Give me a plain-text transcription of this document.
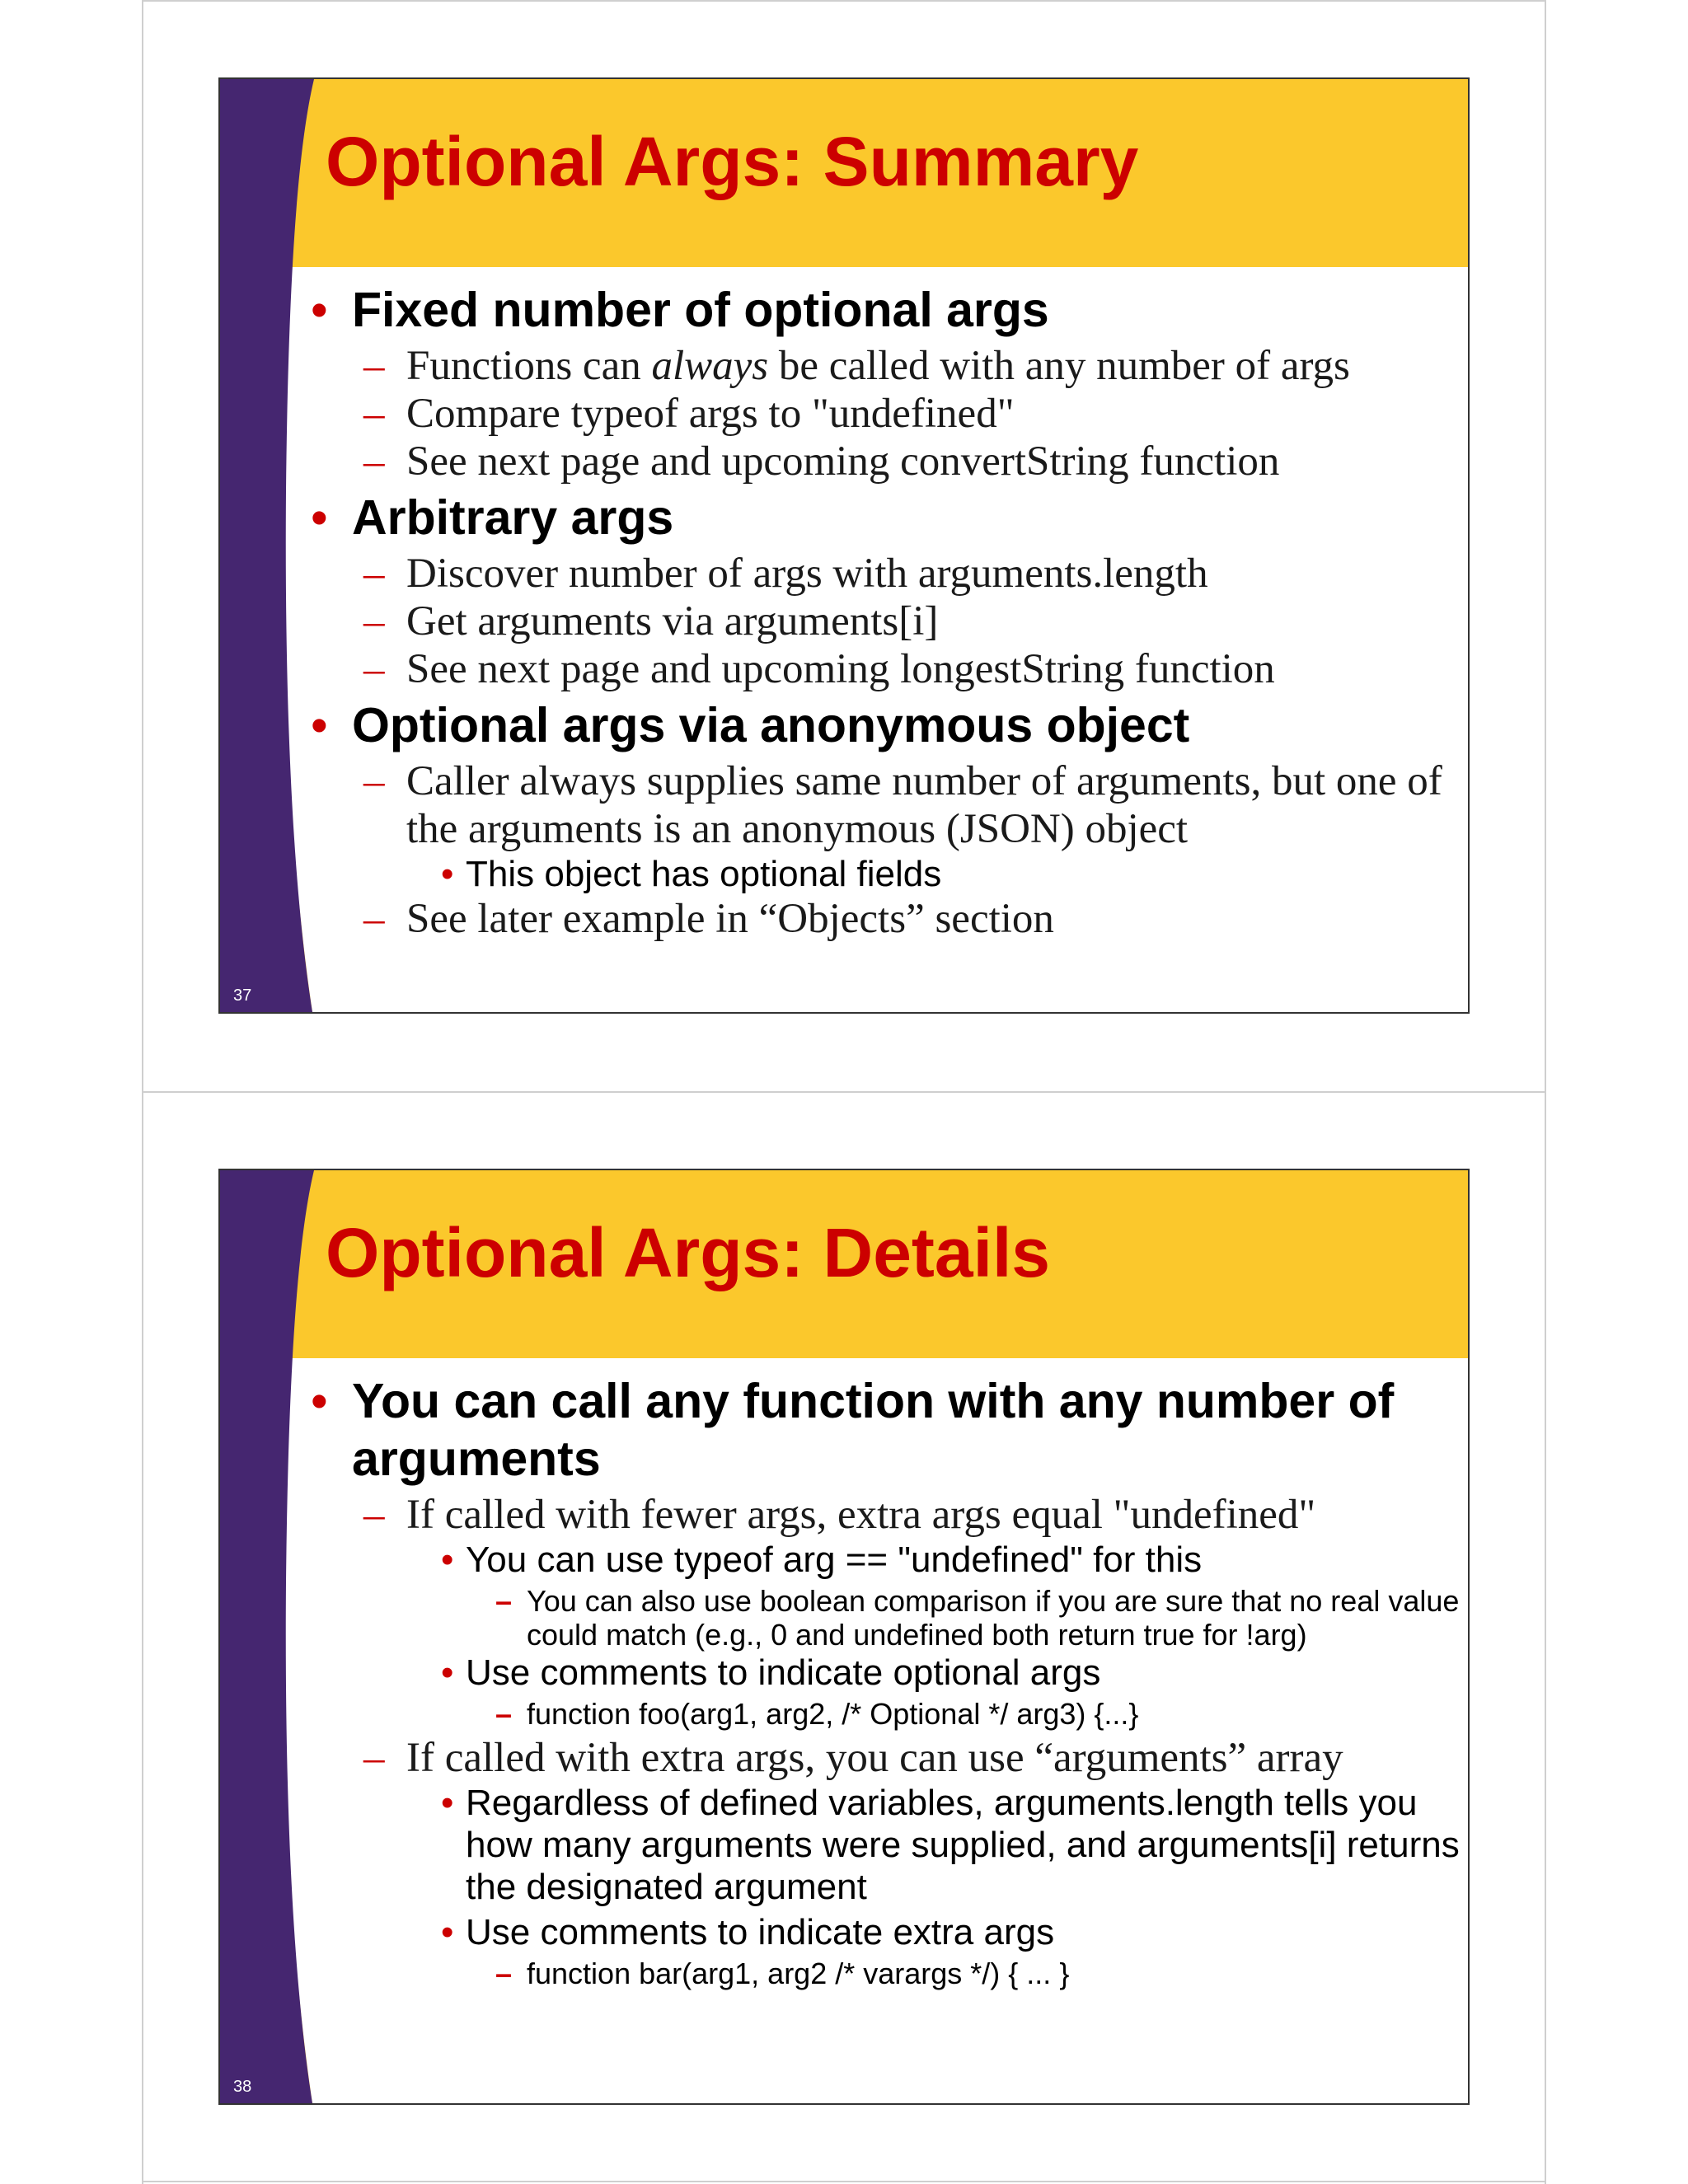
Optional Args: Summary
37
• Fixed number of optional args
– Functions can always be called with any number of args
– Compare typeof args to "undefined"
– See next page and upcoming convertString function
• Arbitrary args
– Discover number of args with arguments.length
– Get arguments via arguments[i]
– See next page and upcoming longestString function
• Optional args via anonymous object
– Caller always supplies same number of arguments, but one of the arguments is an anonymous (JSON) object
• This object has optional fields
– See later example in “Objects” section
Optional Args: Details
38
• You can call any function with any number of arguments
– If called with fewer args, extra args equal "undefined"
• You can use typeof arg == "undefined" for this
– You can also use boolean comparison if you are sure that no real value could match (e.g., 0 and undefined both return true for !arg)
• Use comments to indicate optional args
– function foo(arg1, arg2, /* Optional */ arg3) {...}
– If called with extra args, you can use “arguments” array
• Regardless of defined variables, arguments.length tells you how many arguments were supplied, and arguments[i] returns the designated argument
• Use comments to indicate extra args
– function bar(arg1, arg2 /* varargs */) { ... }
